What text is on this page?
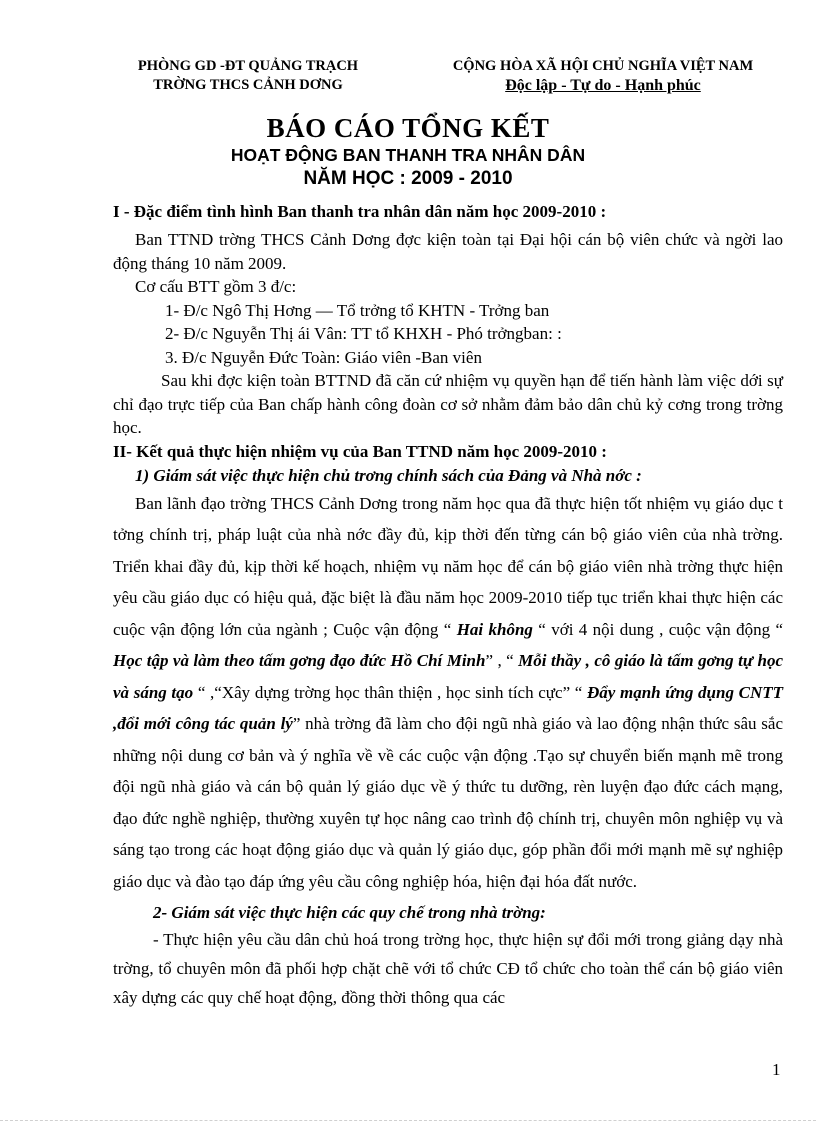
PHÒNG GD -ĐT QUẢNG TRẠCH
TRỜNG THCS CẢNH DƠNG
CỘNG HÒA XÃ HỘI CHỦ NGHĨA VIỆT NAM
Độc lập - Tự do - Hạnh phúc
BÁO CÁO TỔNG KẾT
HOẠT ĐỘNG BAN THANH TRA NHÂN DÂN
NĂM HỌC : 2009 - 2010

I - Đặc điểm tình hình Ban thanh tra nhân dân năm học 2009-2010 :

Ban TTND trờng THCS Cảnh Dơng đợc kiện toàn tại Đại hội cán bộ viên chức và ngời lao động tháng 10 năm 2009.

Cơ cấu BTT gồm 3 đ/c:

1- Đ/c Ngô Thị Hơng — Tổ trởng tổ KHTN - Trởng ban

2- Đ/c Nguyễn Thị ái Vân: TT tổ KHXH - Phó trởngban: :

3. Đ/c Nguyễn Đức Toàn: Giáo viên -Ban viên

Sau khi đợc kiện toàn BTTND đã căn cứ nhiệm vụ quyền hạn để tiến hành làm việc dới sự chỉ đạo trực tiếp của Ban chấp hành công đoàn cơ sở nhằm đảm bảo dân chủ kỷ cơng trong trờng học.

II- Kết quả thực hiện nhiệm vụ của Ban TTND năm học 2009-2010 :

1) Giám sát việc thực hiện chủ trơng chính sách của Đảng và Nhà nớc :

Ban lãnh đạo trờng THCS Cảnh Dơng trong năm học qua đã thực hiện tốt nhiệm vụ giáo dục t tởng chính trị, pháp luật của nhà nớc đầy đủ, kịp thời đến từng cán bộ giáo viên của nhà trờng. Triển khai đầy đủ, kịp thời kế hoạch, nhiệm vụ năm học để cán bộ giáo viên nhà trờng thực hiện yêu cầu giáo dục có hiệu quả, đặc biệt là đầu năm học 2009-2010 tiếp tục triển khai thực hiện các cuộc vận động lớn của ngành ; Cuộc vận động “ Hai không “ với 4 nội dung , cuộc vận động “ Học tập và làm theo tấm gơng đạo đức Hồ Chí Minh” , “ Mỗi thầy , cô giáo là tấm gơng tự học và sáng tạo “ ,“Xây dựng trờng học thân thiện , học sinh tích cực” “ Đẩy mạnh ứng dụng CNTT ,đổi mới công tác quản lý” nhà trờng đã làm cho đội ngũ nhà giáo và lao động nhận thức sâu sắc những nội dung cơ bản và ý nghĩa về về các cuộc vận động .Tạo sự chuyển biến mạnh mẽ trong đội ngũ nhà giáo và cán bộ quản lý giáo dục về ý thức tu dưỡng, rèn luyện đạo đức cách mạng, đạo đức nghề nghiệp, thường xuyên tự học nâng cao trình độ chính trị, chuyên môn nghiệp vụ và sáng tạo trong các hoạt động giáo dục và quản lý giáo dục, góp phần đổi mới mạnh mẽ sự nghiệp giáo dục và đào tạo đáp ứng yêu cầu công nghiệp hóa, hiện đại hóa đất nước.

2- Giám sát việc thực hiện các quy chế trong nhà trờng:

- Thực hiện yêu cầu dân chủ hoá trong trờng học, thực hiện sự đổi mới trong giảng dạy nhà trờng, tổ chuyên môn đã phối hợp chặt chẽ với tổ chức CĐ tổ chức cho toàn thể cán bộ giáo viên xây dựng các quy chế hoạt động, đồng thời thông qua các

1
